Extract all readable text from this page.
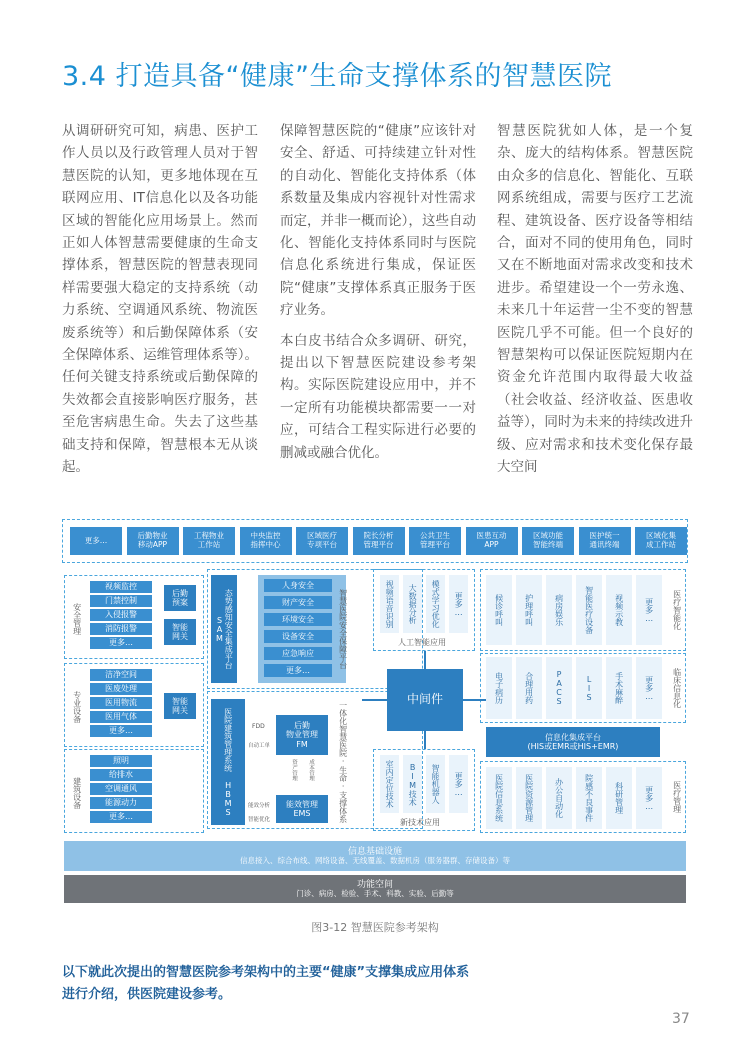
3.4 打造具备“健康”生命支撑体系的智慧医院

从调研研究可知，病患、医护工作人员以及行政管理人员对于智慧医院的认知，更多地体现在互联网应用、IT信息化以及各功能区域的智能化应用场景上。然而正如人体智慧需要健康的生命支撑体系，智慧医院的智慧表现同样需要强大稳定的支持系统（动力系统、空调通风系统、物流医废系统等）和后勤保障体系（安全保障体系、运维管理体系等）。任何关键支持系统或后勤保障的失效都会直接影响医疗服务，甚至危害病患生命。失去了这些基础支持和保障，智慧根本无从谈起。

保障智慧医院的“健康”应该针对安全、舒适、可持续建立针对性的自动化、智能化支持体系（体系数量及集成内容视针对性需求而定，并非一概而论），这些自动化、智能化支持体系同时与医院信息化系统进行集成，保证医院“健康”支撑体系真正服务于医疗业务。

本白皮书结合众多调研、研究，提出以下智慧医院建设参考架构。实际医院建设应用中，并不一定所有功能模块都需要一一对应，可结合工程实际进行必要的删减或融合优化。

智慧医院犹如人体，是一个复杂、庞大的结构体系。智慧医院由众多的信息化、智能化、互联网系统组成，需要与医疗工艺流程、建筑设备、医疗设备等相结合，面对不同的使用角色，同时又在不断地面对需求改变和技术进步。希望建设一个一劳永逸、未来几十年运营一尘不变的智慧医院几乎不可能。但一个良好的智慧架构可以保证医院短期内在资金允许范围内取得最大收益（社会收益、经济收益、医患收益等），同时为未来的持续改进升级、应对需求和技术变化保存最大空间

安全管理
专业设备
建筑设备
后勤
预案
智能
网关
智能
网关
态势感知安全集成平台 SAM	智慧医院安全保障平台
医院建筑管理系统 HBMS	后勤
物业管理
FM
能效管理
EMS
FDD
自动工单
能效分析
智能优化
资产管理 成本管理	一体化智慧医院·生命·支撑体系
人工智能应用
中间件
新技术应用
医疗智能化
临床信息化
信息化集成平台
(HIS或EMR或HIS+EMR)
医疗管理
信息基础设施
信息接入、综合布线、网络设备、无线覆盖、数据机房（服务器群、存储设备）等
功能空间
门诊、病房、检验、手术、科教、实验、后勤等
更多…	后勤物业
移动APP
工程物业
工作站
中央监控
指挥中心
区域医疗
专项平台
院长分析
管理平台
公共卫生
管理平台
医患互动
APP
区域功能
智能终端
医护统一
通讯终端
区域化集
成工作站
视频监控
门禁控制
入侵报警
消防报警
更多…
洁净空间
医废处理
医用物流
医用气体
更多…
照明
给排水
空调通风
能源动力
更多…
人身安全
财产安全
环境安全
设备安全
应急响应
更多…
视频语音识别	大数据分析	模式学习优化	更多…
室内定位技术	BIM技术	智能机器人	更多…
候诊呼叫	护理呼叫	病房娱乐	智能医疗设备	视频示教	更多…
电子病历	合理用药	PACS	LIS	手术麻醉	更多…
医院信息系统	医院资源管理	办公自动化	院感不良事件	科研管理	更多…
图3-12 智慧医院参考架构
以下就此次提出的智慧医院参考架构中的主要“健康”支撑集成应用体系进行介绍，供医院建设参考。
37
